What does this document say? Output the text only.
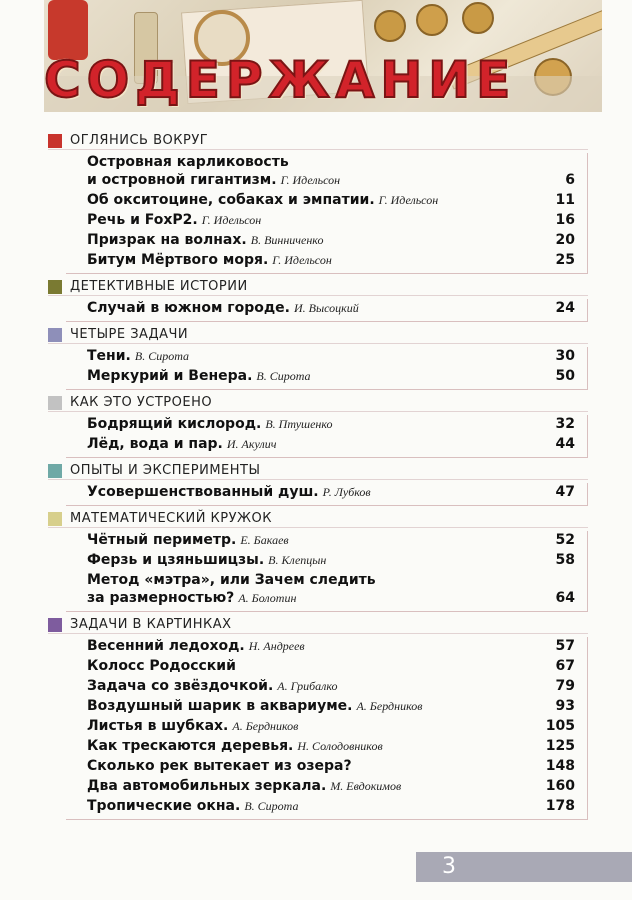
СОДЕРЖАНИЕ
ОГЛЯНИСЬ ВОКРУГ
Островная карликовость
и островной гигантизм. Г. Идельсон	6
Об окситоцине, собаках и эмпатии. Г. Идельсон	11
Речь и FoxP2. Г. Идельсон	16
Призрак на волнах. В. Винниченко	20
Битум Мёртвого моря. Г. Идельсон	25
ДЕТЕКТИВНЫЕ ИСТОРИИ
Случай в южном городе. И. Высоцкий	24
ЧЕТЫРЕ ЗАДАЧИ
Тени. В. Сирота	30
Меркурий и Венера. В. Сирота	50
КАК ЭТО УСТРОЕНО
Бодрящий кислород. В. Птушенко	32
Лёд, вода и пар. И. Акулич	44
ОПЫТЫ И ЭКСПЕРИМЕНТЫ
Усовершенствованный душ. Р. Лубков	47
МАТЕМАТИЧЕСКИЙ КРУЖОК
Чётный периметр. Е. Бакаев	52
Ферзь и цзяньшицзы. В. Клепцын	58
Метод «мэтра», или Зачем следить
за размерностью? А. Болотин	64
ЗАДАЧИ В КАРТИНКАХ
Весенний ледоход. Н. Андреев	57
Колосс Родосский	67
Задача со звёздочкой. А. Грибалко	79
Воздушный шарик в аквариуме. А. Бердников	93
Листья в шубках. А. Бердников	105
Как трескаются деревья. Н. Солодовников	125
Сколько рек вытекает из озера?	148
Два автомобильных зеркала. М. Евдокимов	160
Тропические окна. В. Сирота	178
3
